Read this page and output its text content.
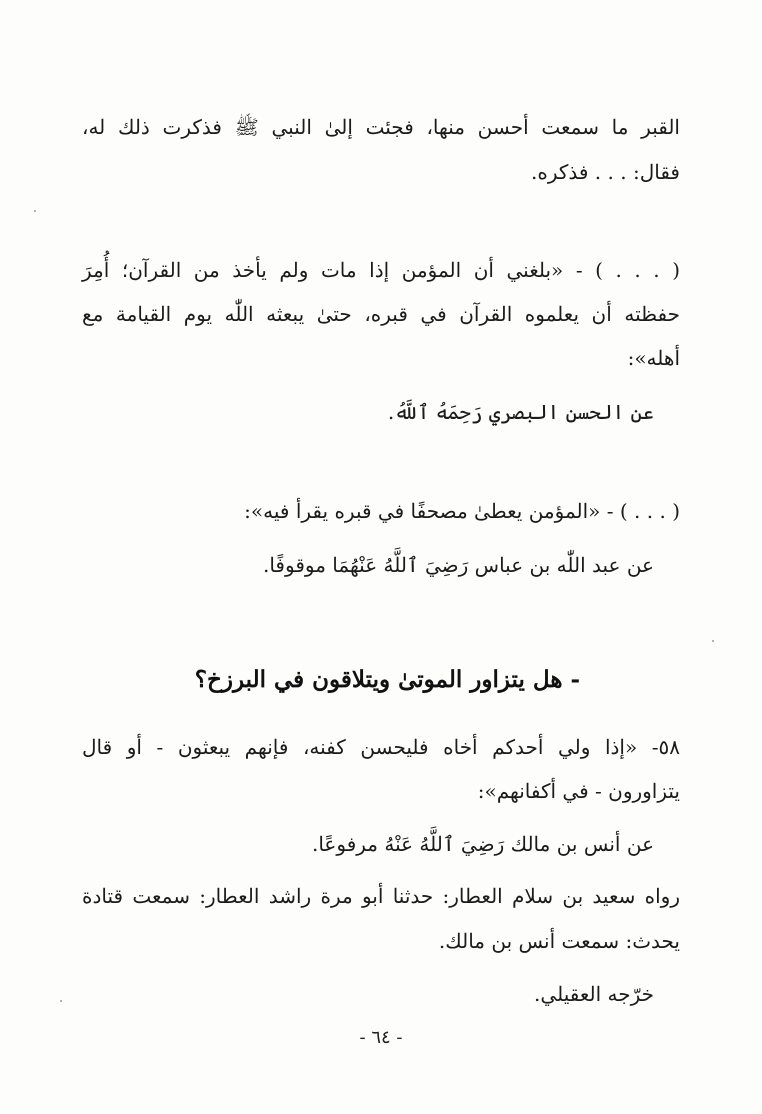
القبر ما سمعت أحسن منها، فجئت إلىٰ النبي ﷺ فذكرت ذلك له،
فقال: . . . فذكره.
( . . . ) - «بلغني أن المؤمن إذا مات ولم يأخذ من القرآن؛ أُمِرَ
حفظته أن يعلموه القرآن في قبره، حتىٰ يبعثه اللّٰه يوم القيامة مع
أهله»:
عن الحسن البصري رَحِمَهُ ٱللَّهُ.
( . . . ) - «المؤمن يعطىٰ مصحفًا في قبره يقرأ فيه»:
عن عبد اللّٰه بن عباس رَضِيَ ٱللَّهُ عَنْهُمَا موقوفًا.
- هل يتزاور الموتىٰ ويتلاقون في البرزخ؟
٥٨- «إذا ولي أحدكم أخاه فليحسن كفنه، فإنهم يبعثون - أو قال
يتزاورون - في أكفانهم»:
عن أنس بن مالك رَضِيَ ٱللَّهُ عَنْهُ مرفوعًا.
رواه سعيد بن سلام العطار: حدثنا أبو مرة راشد العطار: سمعت قتادة
يحدث: سمعت أنس بن مالك.
خرّجه العقيلي.
- ٦٤ -
